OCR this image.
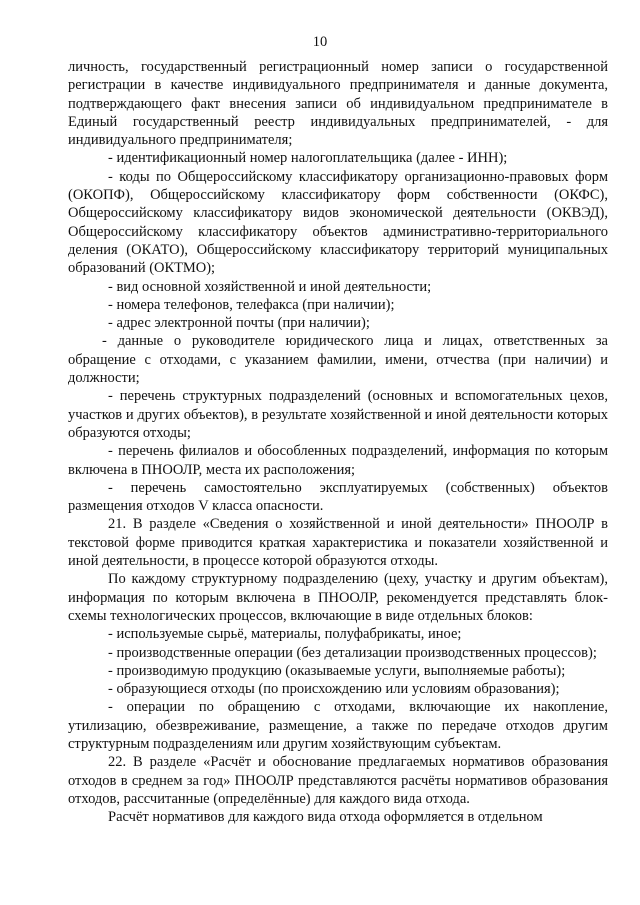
10

личность, государственный регистрационный номер записи о государственной регистрации в качестве индивидуального предпринимателя и данные документа, подтверждающего факт внесения записи об индивидуальном предпринимателе в Единый государственный реестр индивидуальных предпринимателей, - для индивидуального предпринимателя;

- идентификационный номер налогоплательщика (далее - ИНН);

- коды по Общероссийскому классификатору организационно-правовых форм (ОКОПФ), Общероссийскому классификатору форм собственности (ОКФС), Общероссийскому классификатору видов экономической деятельности (ОКВЭД), Общероссийскому классификатору объектов административно-территориального деления (ОКАТО), Общероссийскому классификатору территорий муниципальных образований (ОКТМО);

- вид основной хозяйственной и иной деятельности;

- номера телефонов, телефакса (при наличии);

- адрес электронной почты (при наличии);

- данные о руководителе юридического лица и лицах, ответственных за обращение с отходами, с указанием фамилии, имени, отчества (при наличии) и должности;

- перечень структурных подразделений (основных и вспомогательных цехов, участков и других объектов), в результате хозяйственной и иной деятельности которых образуются отходы;

- перечень филиалов и обособленных подразделений, информация по которым включена в ПНООЛР, места их расположения;

- перечень самостоятельно эксплуатируемых (собственных) объектов размещения отходов V класса опасности.

21. В разделе «Сведения о хозяйственной и иной деятельности» ПНООЛР в текстовой форме приводится краткая характеристика и показатели хозяйственной и иной деятельности, в процессе которой образуются отходы.

По каждому структурному подразделению (цеху, участку и другим объектам), информация по которым включена в ПНООЛР, рекомендуется представлять блок-схемы технологических процессов, включающие в виде отдельных блоков:

- используемые сырьё, материалы, полуфабрикаты, иное;

- производственные операции (без детализации производственных процессов);

- производимую продукцию (оказываемые услуги, выполняемые работы);

- образующиеся отходы (по происхождению или условиям образования);

- операции по обращению с отходами, включающие их накопление, утилизацию, обезвреживание, размещение, а также по передаче отходов другим структурным подразделениям или другим хозяйствующим субъектам.

22. В разделе «Расчёт и обоснование предлагаемых нормативов образования отходов в среднем за год» ПНООЛР представляются расчёты нормативов образования отходов, рассчитанные (определённые) для каждого вида отхода.

Расчёт нормативов для каждого вида отхода оформляется в отдельном
